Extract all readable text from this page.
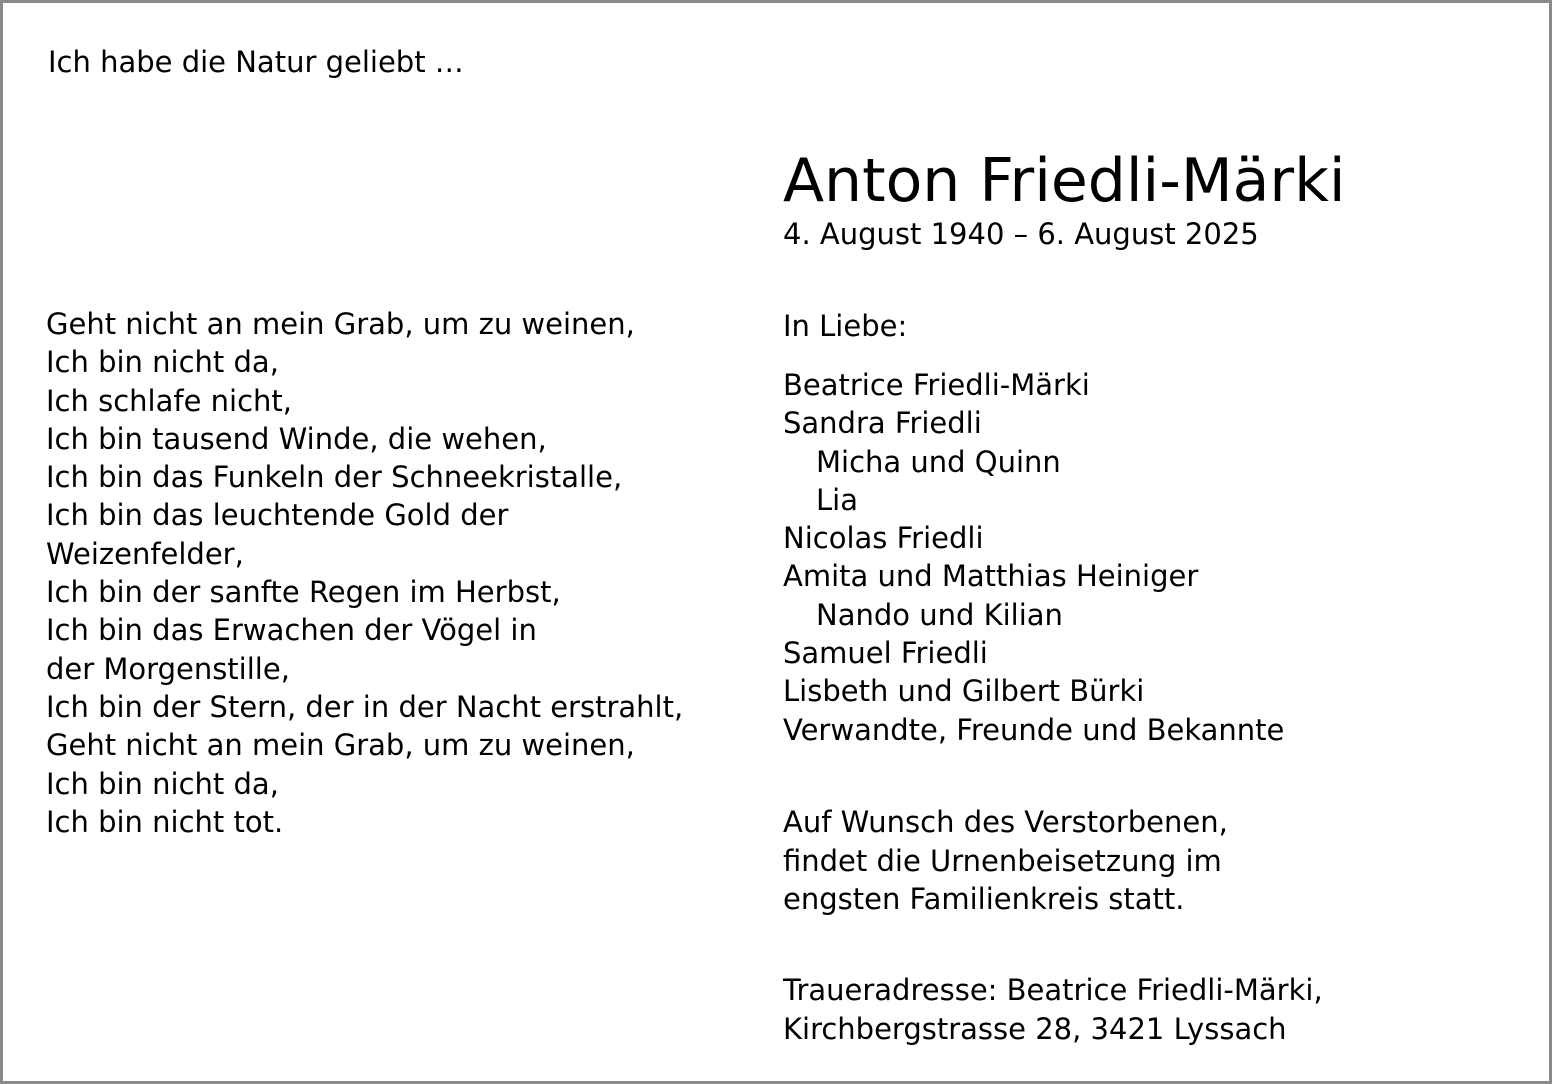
Ich habe die Natur geliebt …
Geht nicht an mein Grab, um zu weinen,
Ich bin nicht da,
Ich schlafe nicht,
Ich bin tausend Winde, die wehen,
Ich bin das Funkeln der Schneekristalle,
Ich bin das leuchtende Gold der
Weizenfelder,
Ich bin der sanfte Regen im Herbst,
Ich bin das Erwachen der Vögel in
der Morgenstille,
Ich bin der Stern, der in der Nacht erstrahlt,
Geht nicht an mein Grab, um zu weinen,
Ich bin nicht da,
Ich bin nicht tot.
Anton Friedli-Märki
4. August 1940 – 6. August 2025
In Liebe:
Beatrice Friedli-Märki
Sandra Friedli
Micha und Quinn
Lia
Nicolas Friedli
Amita und Matthias Heiniger
Nando und Kilian
Samuel Friedli
Lisbeth und Gilbert Bürki
Verwandte, Freunde und Bekannte
Auf Wunsch des Verstorbenen,
findet die Urnenbeisetzung im
engsten Familienkreis statt.
Traueradresse: Beatrice Friedli-Märki,
Kirchbergstrasse 28, 3421 Lyssach
